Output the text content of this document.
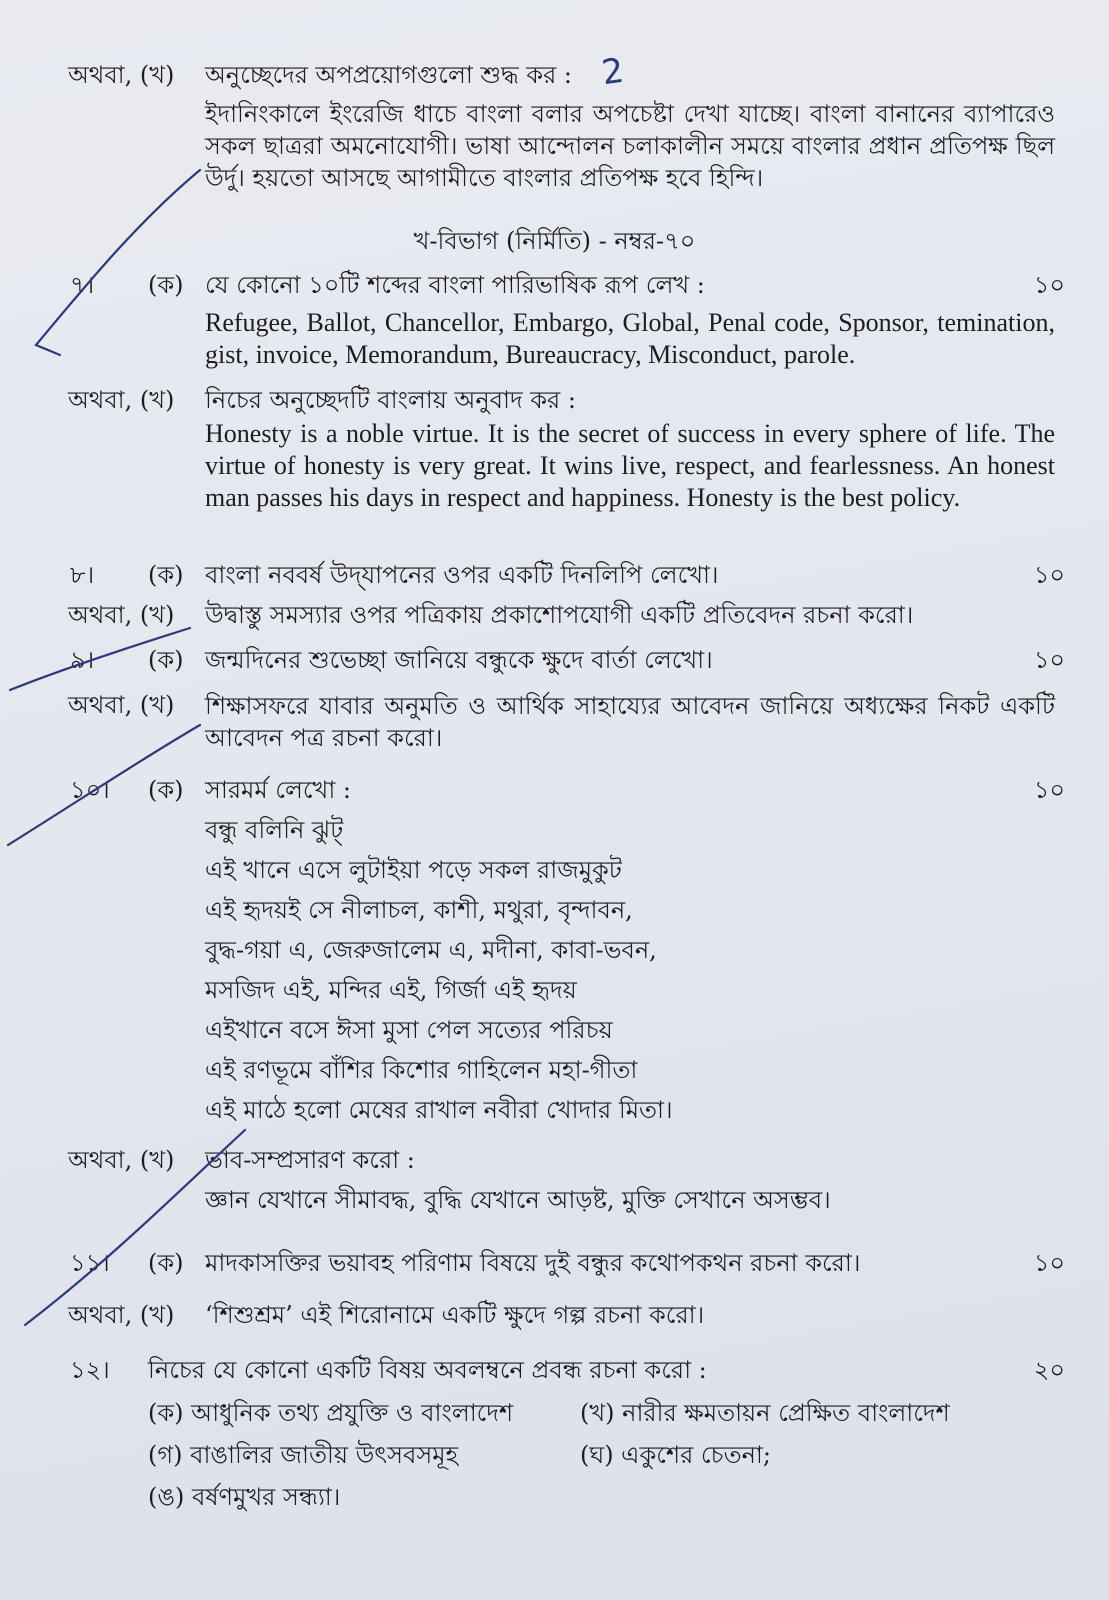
অথবা, (খ) অনুচ্ছেদের অপপ্রয়োগগুলো শুদ্ধ কর :
ইদানিংকালে ইংরেজি ধাচে বাংলা বলার অপচেষ্টা দেখা যাচ্ছে। বাংলা বানানের ব্যাপারেও সকল ছাত্ররা অমনোযোগী। ভাষা আন্দোলন চলাকালীন সময়ে বাংলার প্রধান প্রতিপক্ষ ছিল উর্দু। হয়তো আসছে আগামীতে বাংলার প্রতিপক্ষ হবে হিন্দি।
খ-বিভাগ (নির্মিতি) - নম্বর-৭০
৭। (ক) যে কোনো ১০টি শব্দের বাংলা পারিভাষিক রূপ লেখ :	১০
Refugee, Ballot, Chancellor, Embargo, Global, Penal code, Sponsor, temination, gist, invoice, Memorandum, Bureaucracy, Misconduct, parole.
অথবা, (খ) নিচের অনুচ্ছেদটি বাংলায় অনুবাদ কর :
Honesty is a noble virtue. It is the secret of success in every sphere of life. The virtue of honesty is very great. It wins live, respect, and fearlessness. An honest man passes his days in respect and happiness. Honesty is the best policy.
৮। (ক) বাংলা নববর্ষ উদ্‌যাপনের ওপর একটি দিনলিপি লেখো।	১০
অথবা, (খ) উদ্বাস্তু সমস্যার ওপর পত্রিকায় প্রকাশোপযোগী একটি প্রতিবেদন রচনা করো।
৯। (ক) জন্মদিনের শুভেচ্ছা জানিয়ে বন্ধুকে ক্ষুদে বার্তা লেখো।	১০
অথবা, (খ) শিক্ষাসফরে যাবার অনুমতি ও আর্থিক সাহায্যের আবেদন জানিয়ে অধ্যক্ষের নিকট একটি আবেদন পত্র রচনা করো।
১০। (ক) সারমর্ম লেখো :	১০
বন্ধু বলিনি ঝুট্
এই খানে এসে লুটাইয়া পড়ে সকল রাজমুকুট
এই হৃদয়ই সে নীলাচল, কাশী, মথুরা, বৃন্দাবন,
বুদ্ধ-গয়া এ, জেরুজালেম এ, মদীনা, কাবা-ভবন,
মসজিদ এই, মন্দির এই, গির্জা এই হৃদয়
এইখানে বসে ঈসা মুসা পেল সত্যের পরিচয়
এই রণভূমে বাঁশির কিশোর গাহিলেন মহা-গীতা
এই মাঠে হলো মেষের রাখাল নবীরা খোদার মিতা।
অথবা, (খ) ভাব-সম্প্রসারণ করো :
জ্ঞান যেখানে সীমাবদ্ধ, বুদ্ধি যেখানে আড়ষ্ট, মুক্তি সেখানে অসম্ভব।
১১। (ক) মাদকাসক্তির ভয়াবহ পরিণাম বিষয়ে দুই বন্ধুর কথোপকথন রচনা করো।	১০
অথবা, (খ) ‘শিশুশ্রম’ এই শিরোনামে একটি ক্ষুদে গল্প রচনা করো।
১২। নিচের যে কোনো একটি বিষয় অবলম্বনে প্রবন্ধ রচনা করো :	২০
(ক) আধুনিক তথ্য প্রযুক্তি ও বাংলাদেশ	(খ) নারীর ক্ষমতায়ন প্রেক্ষিত বাংলাদেশ
(গ) বাঙালির জাতীয় উৎসবসমূহ	(ঘ) একুশের চেতনা;
(ঙ) বর্ষণমুখর সন্ধ্যা।
2
